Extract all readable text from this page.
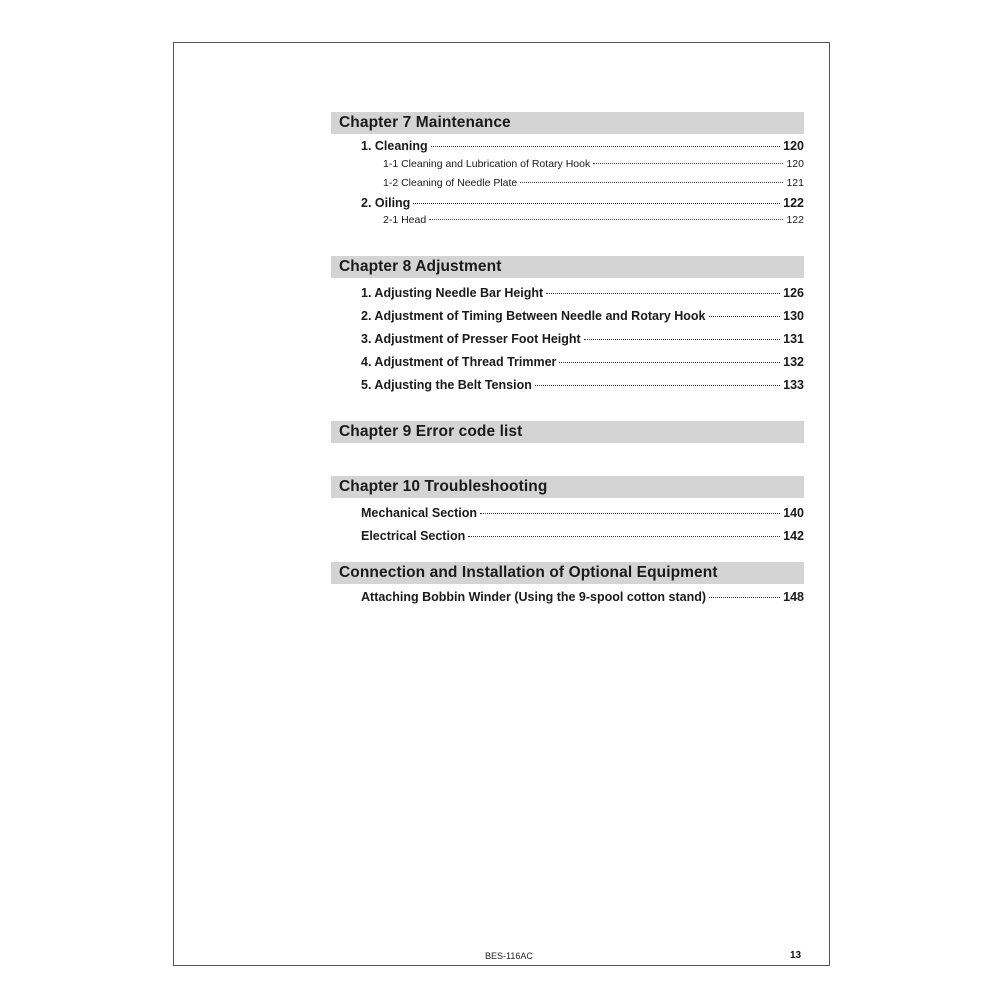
Chapter 7 Maintenance
1. Cleaning	120
1-1 Cleaning and Lubrication of Rotary Hook	120
1-2 Cleaning of Needle Plate	121
2. Oiling	122
2-1 Head	122
Chapter 8 Adjustment
1. Adjusting Needle Bar Height	126
2. Adjustment of Timing Between Needle and Rotary Hook	130
3. Adjustment of Presser Foot Height	131
4. Adjustment of Thread Trimmer	132
5. Adjusting the Belt Tension	133
Chapter 9 Error code list
Chapter 10 Troubleshooting
Mechanical Section	140
Electrical Section	142
Connection and Installation of Optional Equipment
Attaching Bobbin Winder (Using the 9-spool cotton stand)	148
BES-116AC	13
